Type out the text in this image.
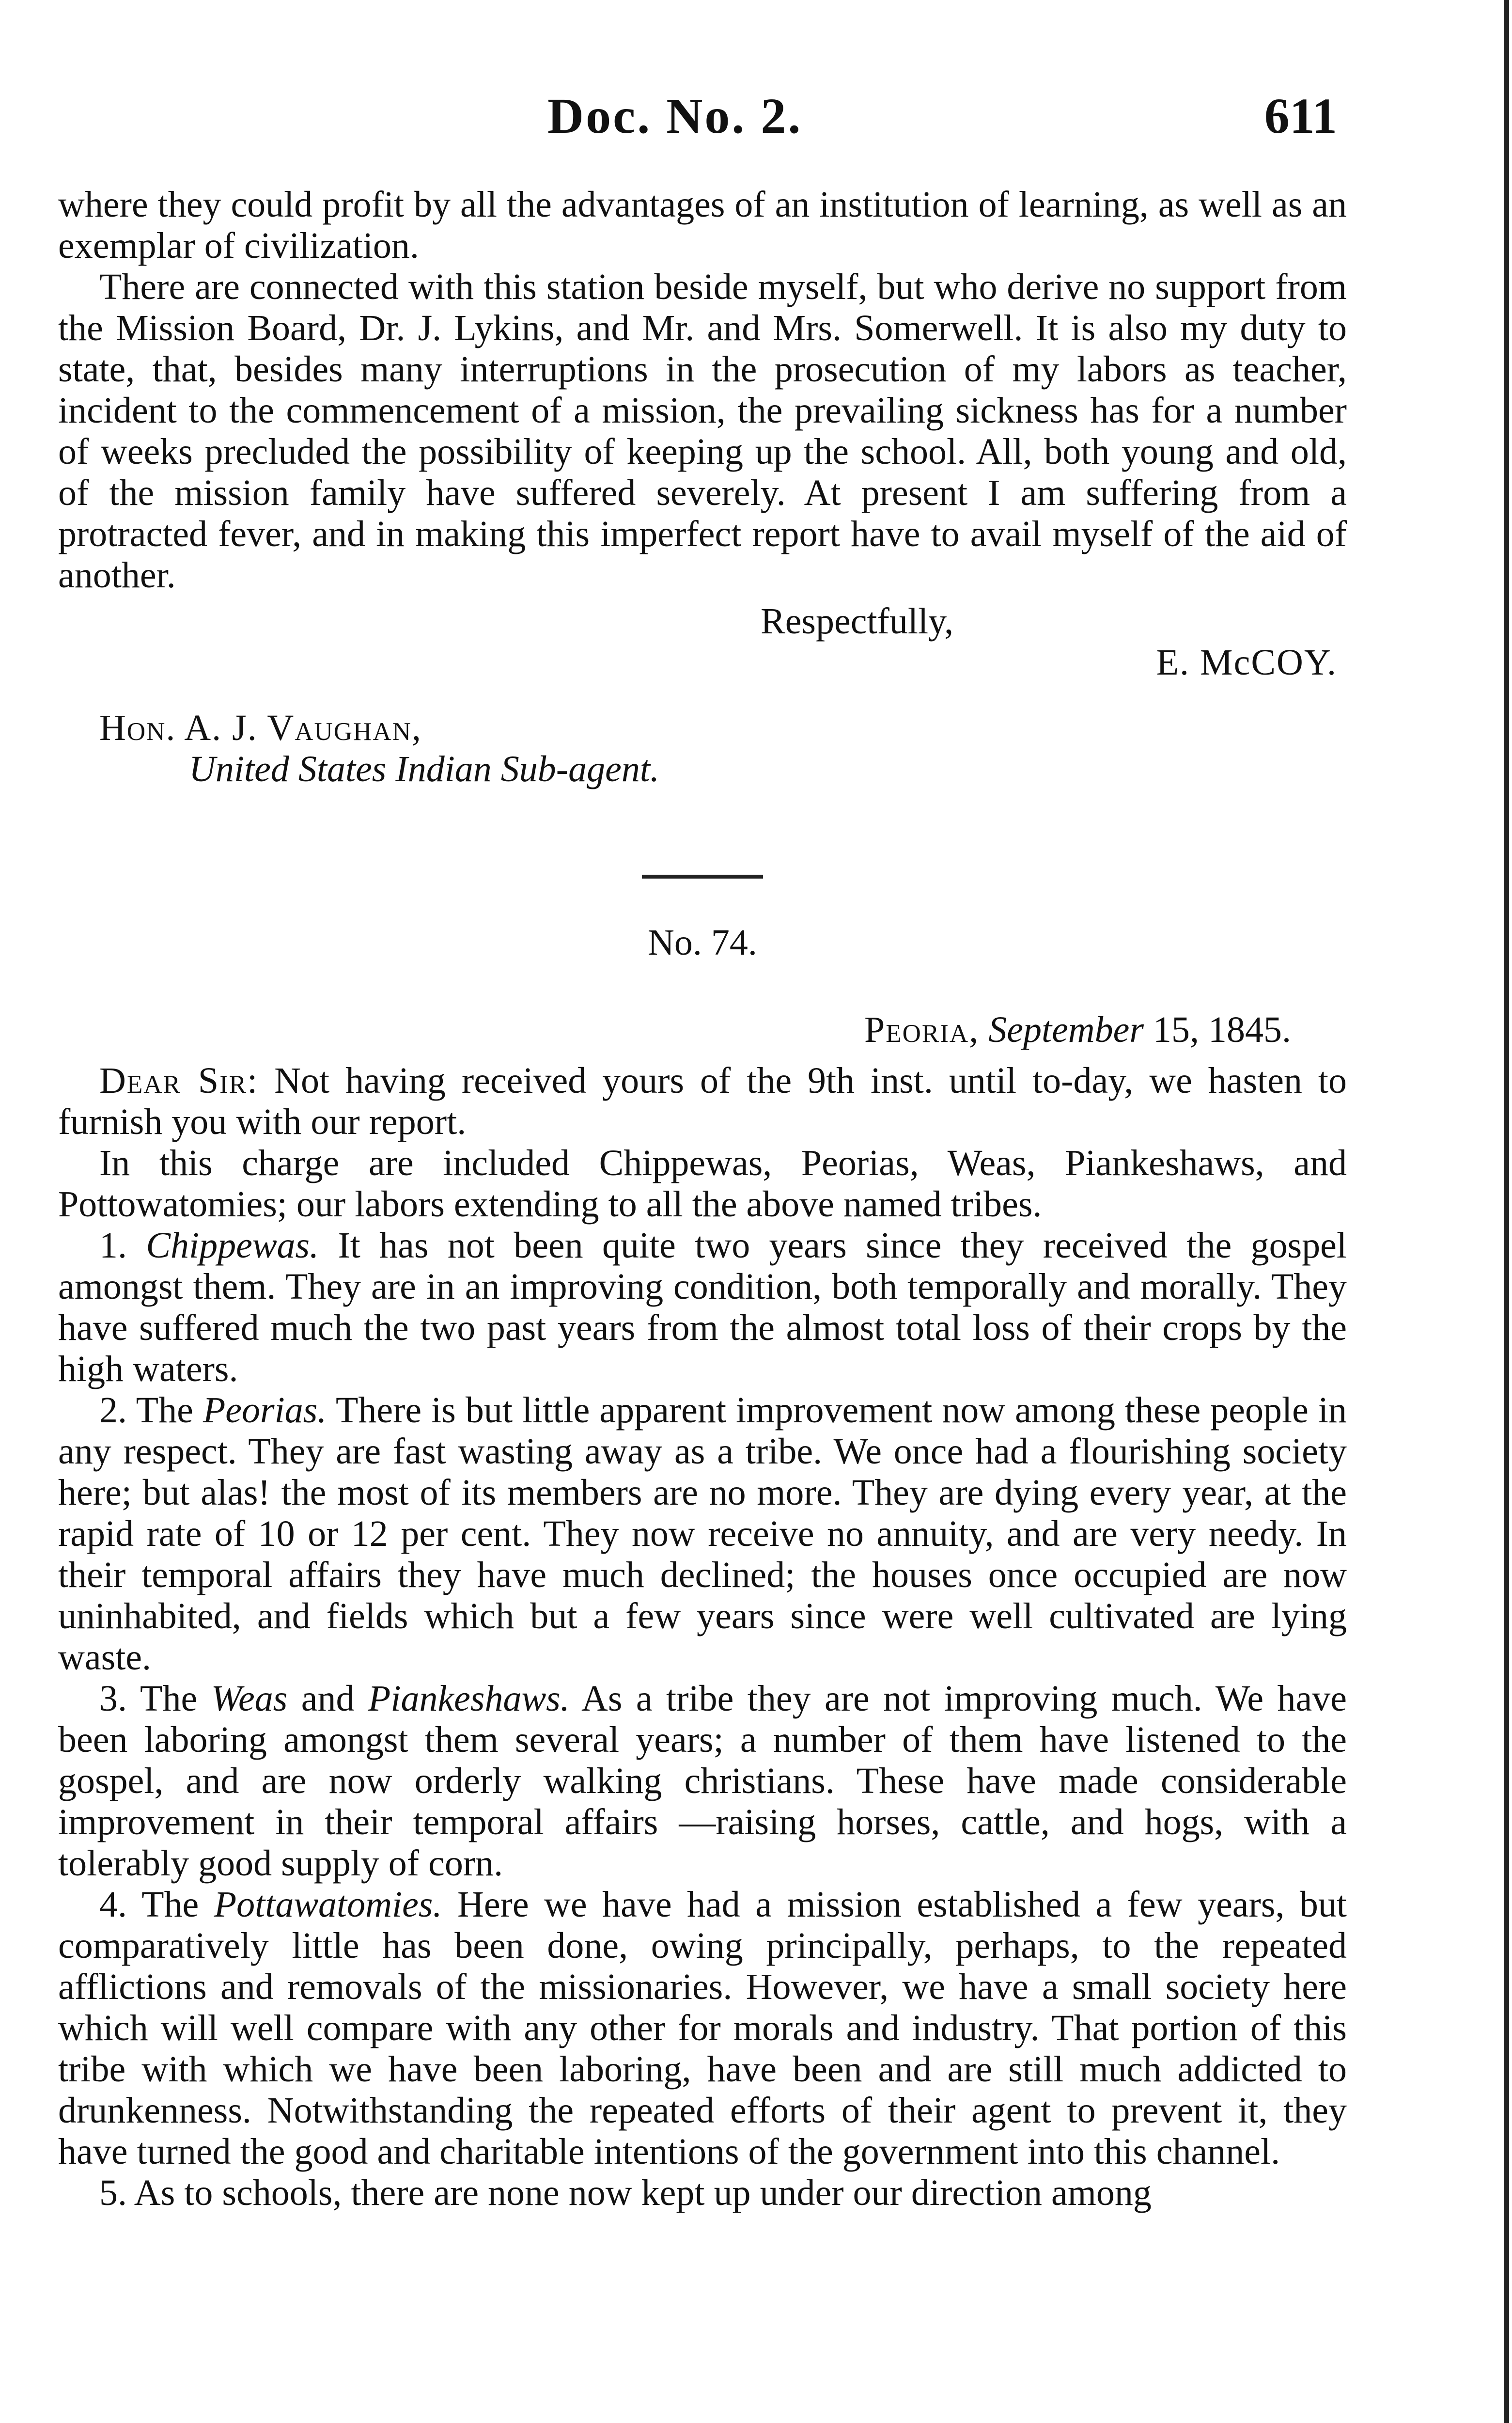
Doc. No. 2.	611

where they could profit by all the advantages of an institution of learning, as well as an exemplar of civilization.

There are connected with this station beside myself, but who derive no support from the Mission Board, Dr. J. Lykins, and Mr. and Mrs. Somerwell. It is also my duty to state, that, besides many interruptions in the prosecution of my labors as teacher, incident to the commencement of a mission, the prevailing sickness has for a number of weeks precluded the possibility of keeping up the school. All, both young and old, of the mission family have suffered severely. At present I am suffering from a protracted fever, and in making this imperfect report have to avail myself of the aid of another.

Respectfully,

E. McCOY.

Hon. A. J. Vaughan,

United States Indian Sub-agent.

No. 74.

Peoria, September 15, 1845.

Dear Sir: Not having received yours of the 9th inst. until to-day, we hasten to furnish you with our report.

In this charge are included Chippewas, Peorias, Weas, Piankeshaws, and Pottowatomies; our labors extending to all the above named tribes.

1. Chippewas. It has not been quite two years since they received the gospel amongst them. They are in an improving condition, both temporally and morally. They have suffered much the two past years from the almost total loss of their crops by the high waters.

2. The Peorias. There is but little apparent improvement now among these people in any respect. They are fast wasting away as a tribe. We once had a flourishing society here; but alas! the most of its members are no more. They are dying every year, at the rapid rate of 10 or 12 per cent. They now receive no annuity, and are very needy. In their temporal affairs they have much declined; the houses once occupied are now uninhabited, and fields which but a few years since were well cultivated are lying waste.

3. The Weas and Piankeshaws. As a tribe they are not improving much. We have been laboring amongst them several years; a number of them have listened to the gospel, and are now orderly walking christians. These have made considerable improvement in their temporal affairs —raising horses, cattle, and hogs, with a tolerably good supply of corn.

4. The Pottawatomies. Here we have had a mission established a few years, but comparatively little has been done, owing principally, perhaps, to the repeated afflictions and removals of the missionaries. However, we have a small society here which will well compare with any other for morals and industry. That portion of this tribe with which we have been laboring, have been and are still much addicted to drunkenness. Notwithstanding the repeated efforts of their agent to prevent it, they have turned the good and charitable intentions of the government into this channel.

5. As to schools, there are none now kept up under our direction among
